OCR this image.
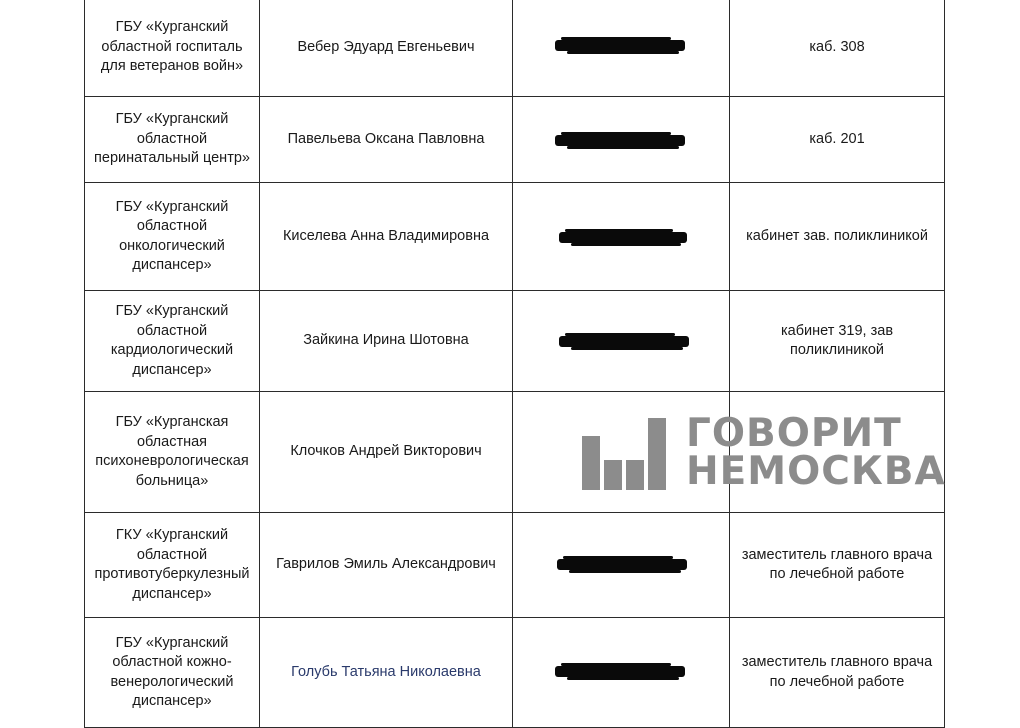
ГБУ «Курганский
областной госпиталь
для ветеранов войн»	Вебер Эдуард Евгеньевич		каб. 308

ГБУ «Курганский
областной
перинатальный центр»	Павельева Оксана Павловна		каб. 201

ГБУ «Курганский
областной
онкологический
диспансер»	Киселева Анна Владимировна		кабинет зав. поликлиникой

ГБУ «Курганский
областной
кардиологический
диспансер»	Зайкина Ирина Шотовна		кабинет 319, зав
поликлиникой

ГБУ «Курганская
областная
психоневрологическая
больница»	Клочков Андрей Викторович		

ГКУ «Курганский
областной
противотуберкулезный
диспансер»	Гаврилов Эмиль Александрович		заместитель главного врача
по лечебной работе

ГБУ «Курганский
областной кожно-
венерологический
диспансер»	Голубь Татьяна Николаевна		заместитель главного врача
по лечебной работе
ГОВОРИТ
НЕМОСКВА
